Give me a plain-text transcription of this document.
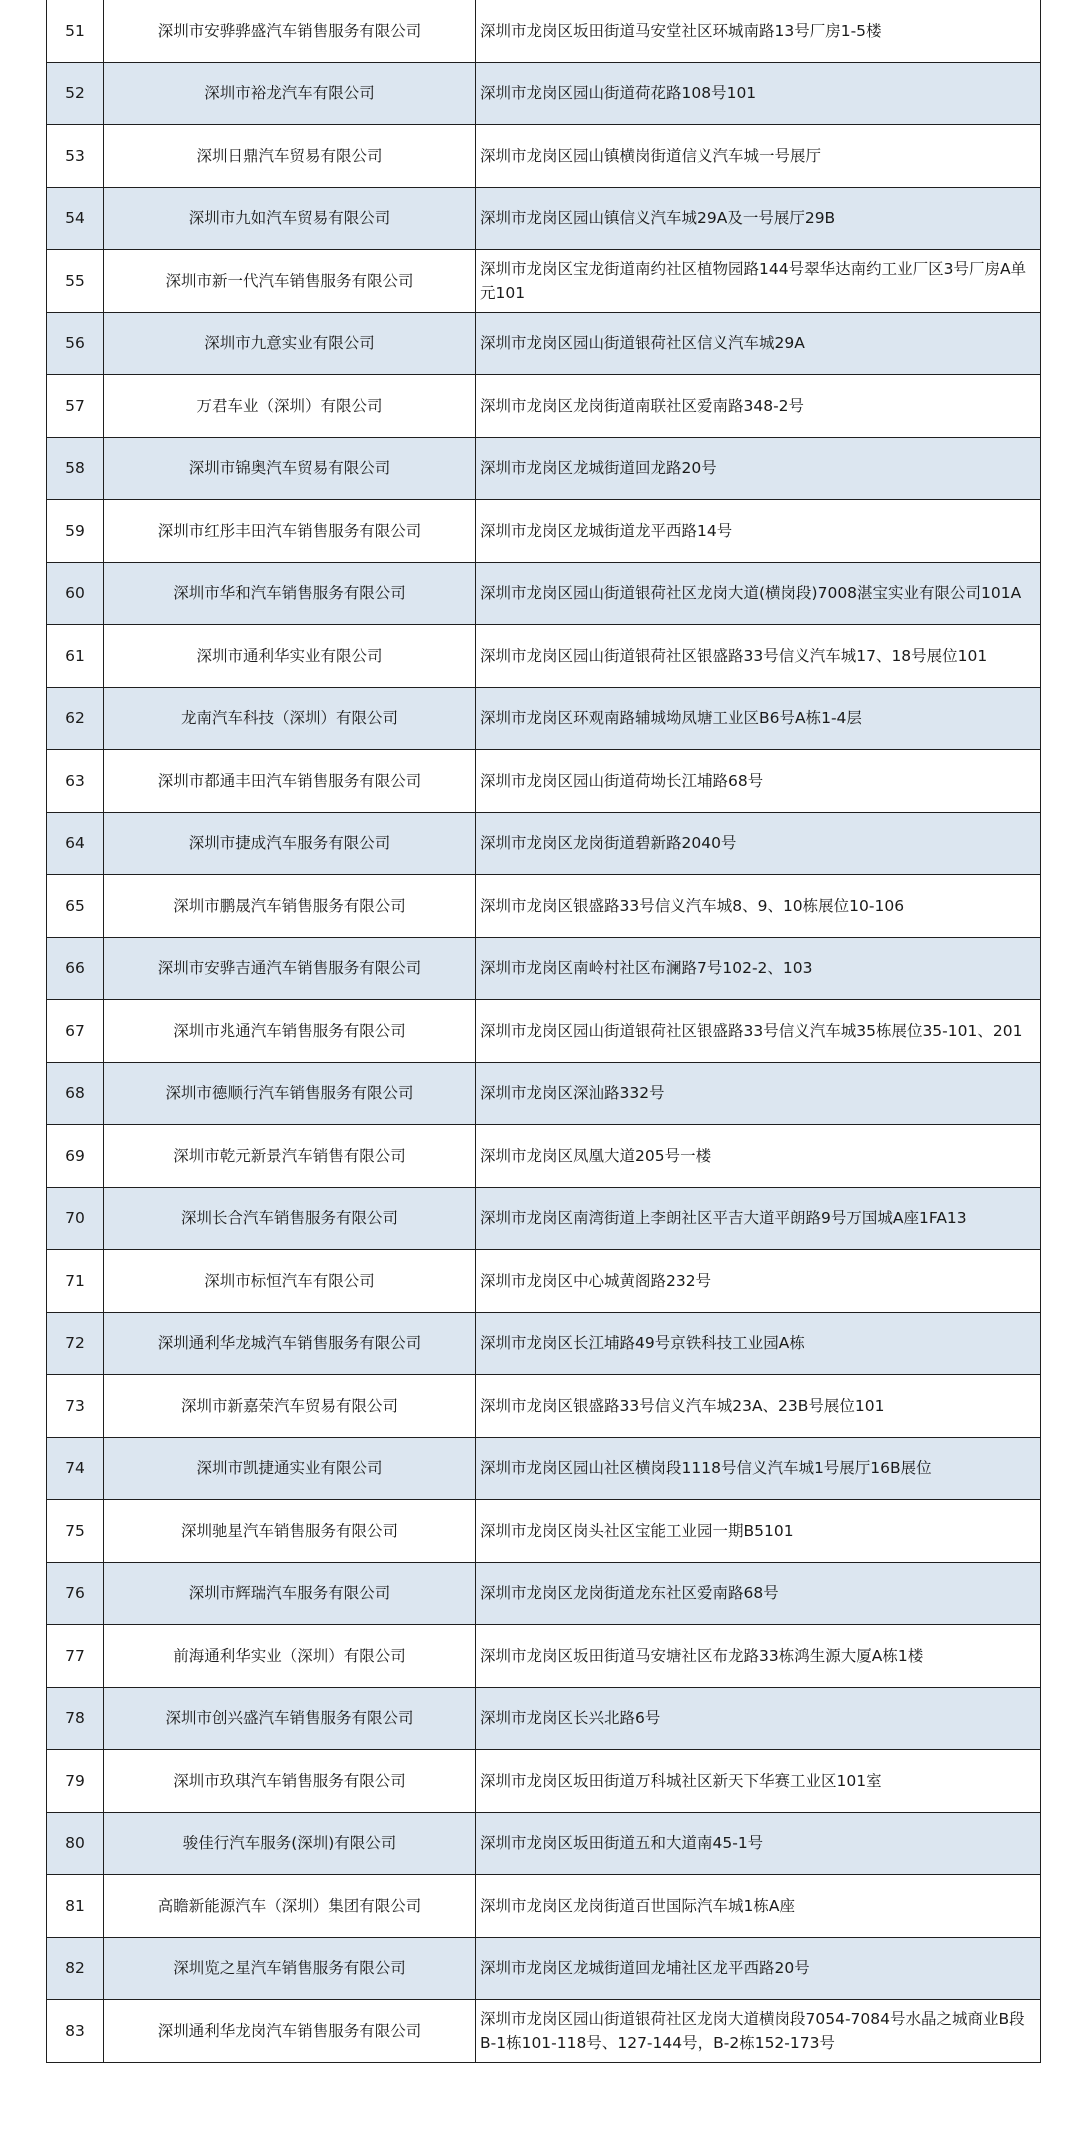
51	深圳市安骅骅盛汽车销售服务有限公司	深圳市龙岗区坂田街道马安堂社区环城南路13号厂房1-5楼
52	深圳市裕龙汽车有限公司	深圳市龙岗区园山街道荷花路108号101
53	深圳日鼎汽车贸易有限公司	深圳市龙岗区园山镇横岗街道信义汽车城一号展厅
54	深圳市九如汽车贸易有限公司	深圳市龙岗区园山镇信义汽车城29A及一号展厅29B
55	深圳市新一代汽车销售服务有限公司	深圳市龙岗区宝龙街道南约社区植物园路144号翠华达南约工业厂区3号厂房A单元101
56	深圳市九意实业有限公司	深圳市龙岗区园山街道银荷社区信义汽车城29A
57	万君车业（深圳）有限公司	深圳市龙岗区龙岗街道南联社区爱南路348-2号
58	深圳市锦奥汽车贸易有限公司	深圳市龙岗区龙城街道回龙路20号
59	深圳市红彤丰田汽车销售服务有限公司	深圳市龙岗区龙城街道龙平西路14号
60	深圳市华和汽车销售服务有限公司	深圳市龙岗区园山街道银荷社区龙岗大道(横岗段)7008湛宝实业有限公司101A
61	深圳市通利华实业有限公司	深圳市龙岗区园山街道银荷社区银盛路33号信义汽车城17、18号展位101
62	龙南汽车科技（深圳）有限公司	深圳市龙岗区环观南路辅城坳凤塘工业区B6号A栋1-4层
63	深圳市都通丰田汽车销售服务有限公司	深圳市龙岗区园山街道荷坳长江埔路68号
64	深圳市捷成汽车服务有限公司	深圳市龙岗区龙岗街道碧新路2040号
65	深圳市鹏晟汽车销售服务有限公司	深圳市龙岗区银盛路33号信义汽车城8、9、10栋展位10-106
66	深圳市安骅吉通汽车销售服务有限公司	深圳市龙岗区南岭村社区布澜路7号102-2、103
67	深圳市兆通汽车销售服务有限公司	深圳市龙岗区园山街道银荷社区银盛路33号信义汽车城35栋展位35-101、201
68	深圳市德顺行汽车销售服务有限公司	深圳市龙岗区深汕路332号
69	深圳市乾元新景汽车销售有限公司	深圳市龙岗区凤凰大道205号一楼
70	深圳长合汽车销售服务有限公司	深圳市龙岗区南湾街道上李朗社区平吉大道平朗路9号万国城A座1FA13
71	深圳市标恒汽车有限公司	深圳市龙岗区中心城黄阁路232号
72	深圳通利华龙城汽车销售服务有限公司	深圳市龙岗区长江埔路49号京铁科技工业园A栋
73	深圳市新嘉荣汽车贸易有限公司	深圳市龙岗区银盛路33号信义汽车城23A、23B号展位101
74	深圳市凯捷通实业有限公司	深圳市龙岗区园山社区横岗段1118号信义汽车城1号展厅16B展位
75	深圳驰星汽车销售服务有限公司	深圳市龙岗区岗头社区宝能工业园一期B5101
76	深圳市辉瑞汽车服务有限公司	深圳市龙岗区龙岗街道龙东社区爱南路68号
77	前海通利华实业（深圳）有限公司	深圳市龙岗区坂田街道马安塘社区布龙路33栋鸿生源大厦A栋1楼
78	深圳市创兴盛汽车销售服务有限公司	深圳市龙岗区长兴北路6号
79	深圳市玖琪汽车销售服务有限公司	深圳市龙岗区坂田街道万科城社区新天下华赛工业区101室
80	骏佳行汽车服务(深圳)有限公司	深圳市龙岗区坂田街道五和大道南45-1号
81	高瞻新能源汽车（深圳）集团有限公司	深圳市龙岗区龙岗街道百世国际汽车城1栋A座
82	深圳览之星汽车销售服务有限公司	深圳市龙岗区龙城街道回龙埔社区龙平西路20号
83	深圳通利华龙岗汽车销售服务有限公司	深圳市龙岗区园山街道银荷社区龙岗大道横岗段7054-7084号水晶之城商业B段B-1栋101-118号、127-144号，B-2栋152-173号
